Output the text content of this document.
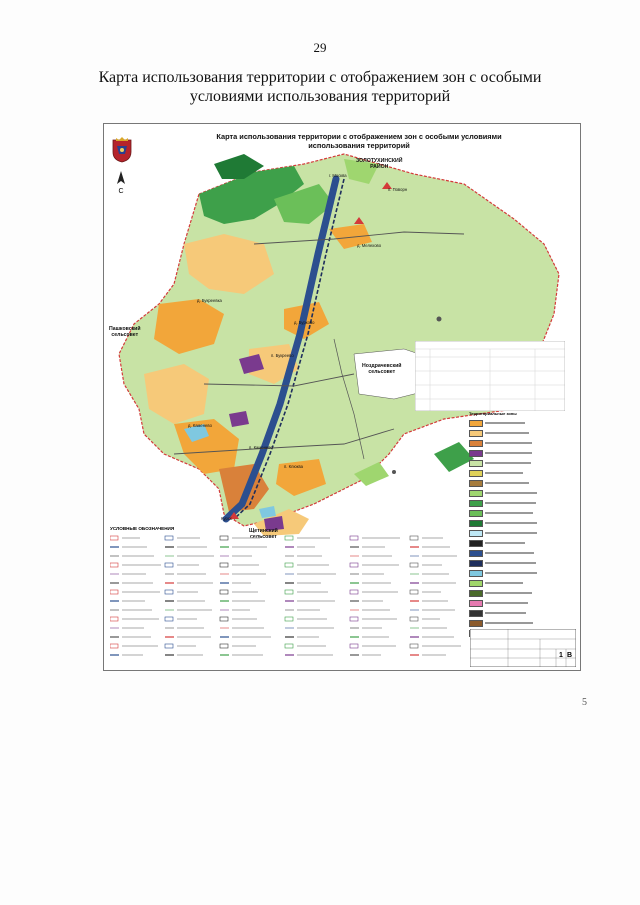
29
Карта использования территории с отображением зон с особыми условиями использования территорий
С
Карта использования территории с отображением зон с особыми условиями использования территорий
ЗОЛОТУХИНСКИЙ
РАЙОН
г. Москва
п. Поворн
д. Мелехово
д. Бурково
д. Букреевка
п. Букреево
Пашковский
сельсовет
Ноздрачевский
сельсовет
д. Каменево
п. Каменево
п. Клюква
Курск
Щетинский
сельсовет
Территориальные зоны
УСЛОВНЫЕ ОБОЗНАЧЕНИЯ
1 В
5
